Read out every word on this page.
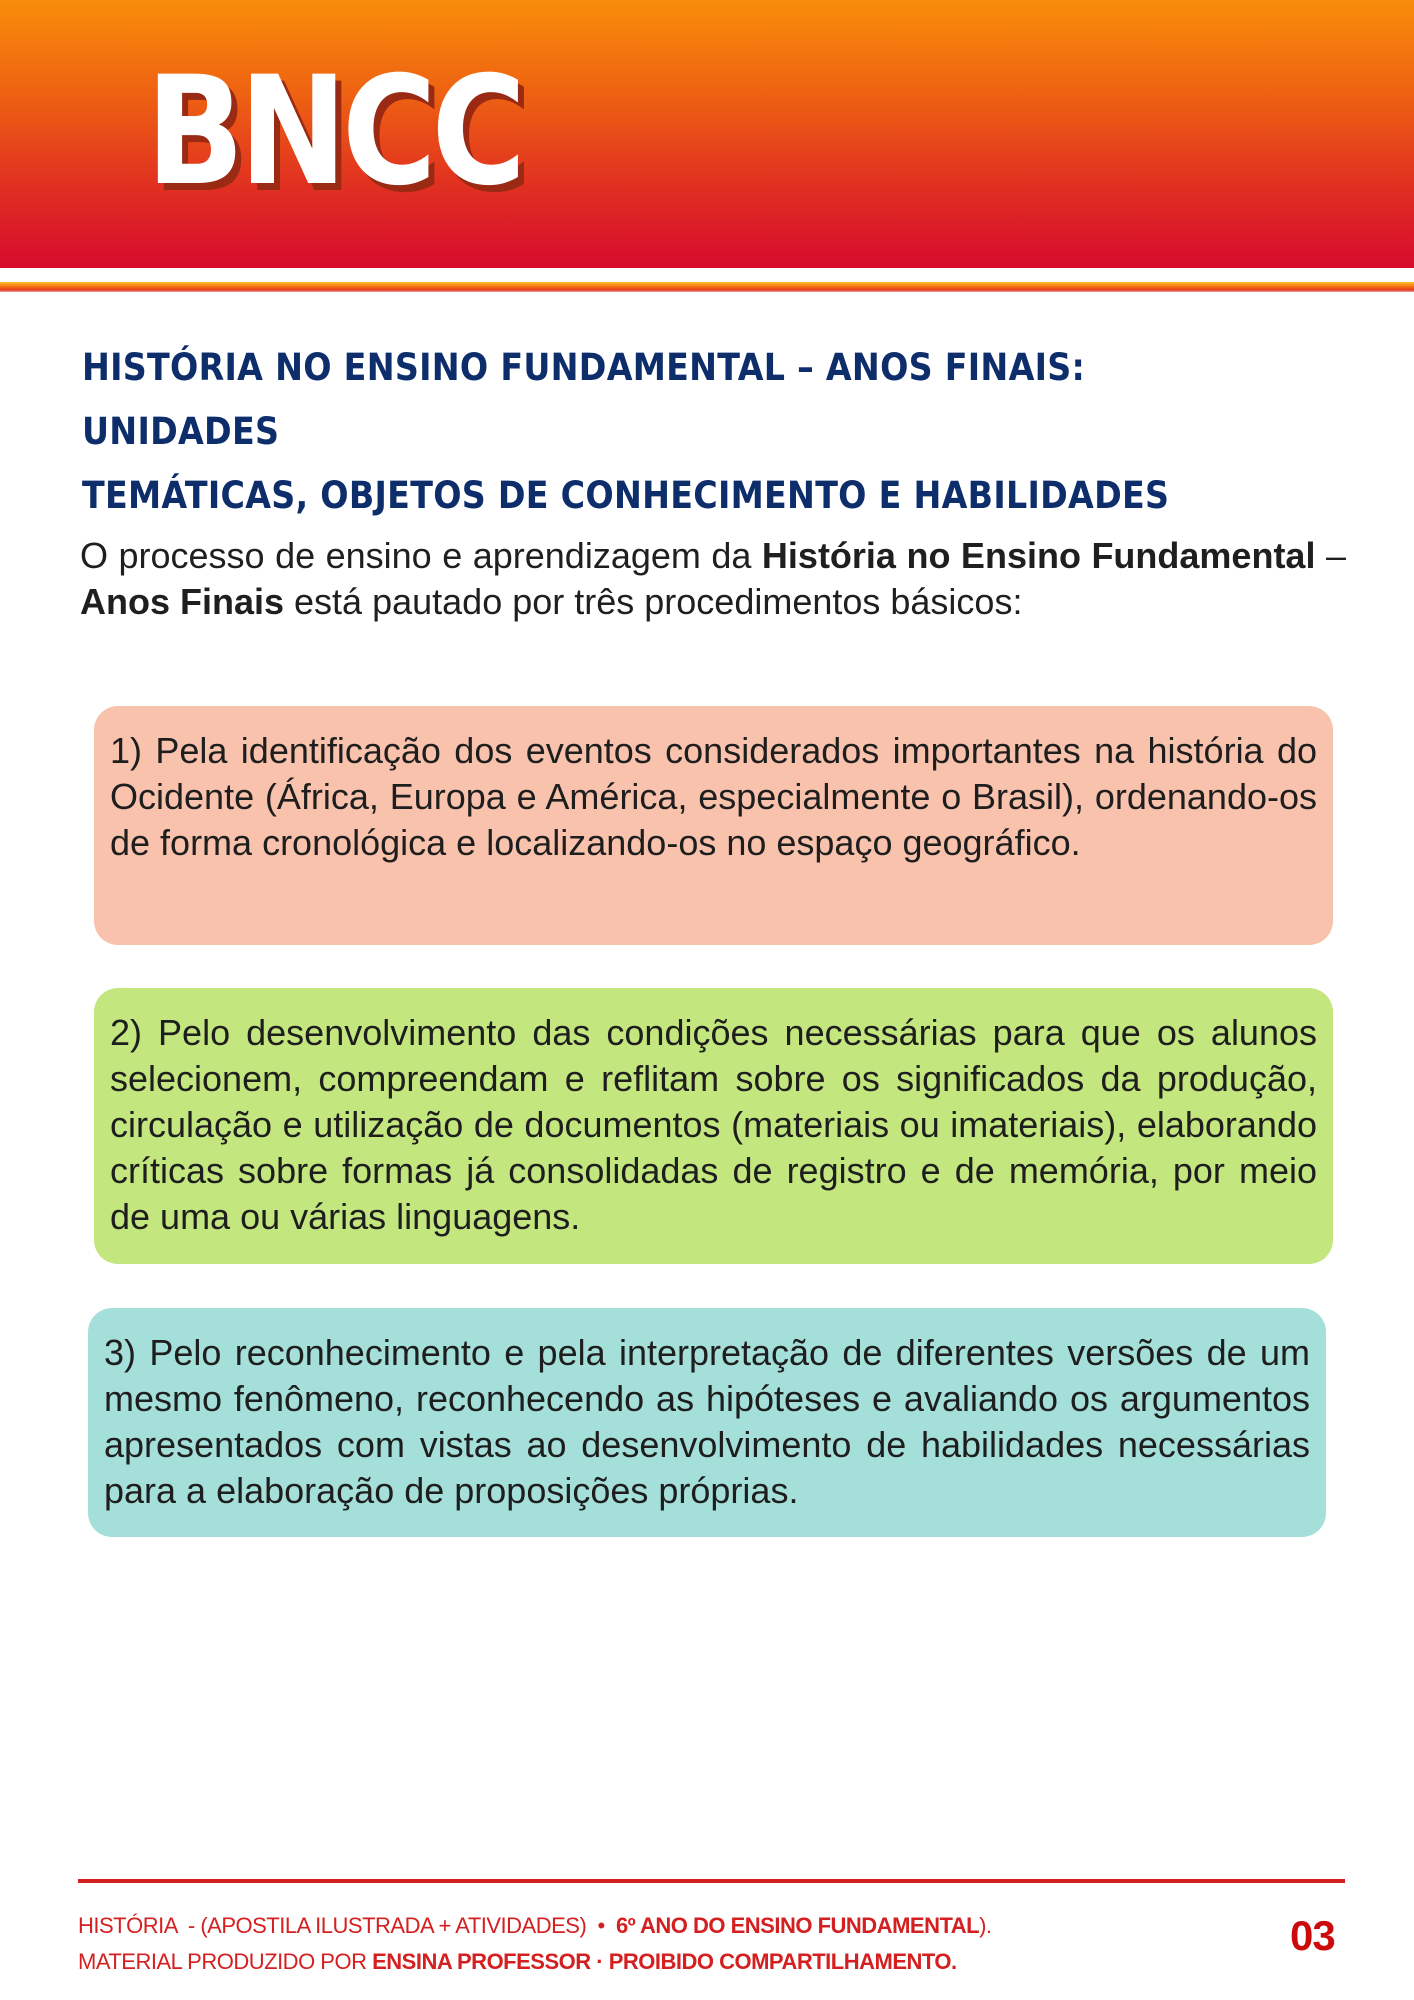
BNCC
HISTÓRIA NO ENSINO FUNDAMENTAL – ANOS FINAIS: UNIDADES
TEMÁTICAS, OBJETOS DE CONHECIMENTO E HABILIDADES

O processo de ensino e aprendizagem da História no Ensino Fundamental – Anos Finais está pautado por três procedimentos básicos:

1) Pela identificação dos eventos considerados importantes na história do Ocidente (África, Europa e América, especialmente o Brasil), ordenando-os de forma cronológica e localizando-os no espaço geográfico.
2) Pelo desenvolvimento das condições necessárias para que os alunos selecionem, compreendam e reflitam sobre os significados da produção, circulação e utilização de documentos (materiais ou imateriais), elaborando críticas sobre formas já consolidadas de registro e de memória, por meio de uma ou várias linguagens.
3) Pelo reconhecimento e pela interpretação de diferentes versões de um mesmo fenômeno, reconhecendo as hipóteses e avaliando os argumentos apresentados com vistas ao desenvolvimento de habilidades necessárias para a elaboração de proposições próprias.
HISTÓRIA  - (APOSTILA ILUSTRADA + ATIVIDADES)  •  6º ANO DO ENSINO FUNDAMENTAL).
MATERIAL PRODUZIDO POR ENSINA PROFESSOR · PROIBIDO COMPARTILHAMENTO.
03
